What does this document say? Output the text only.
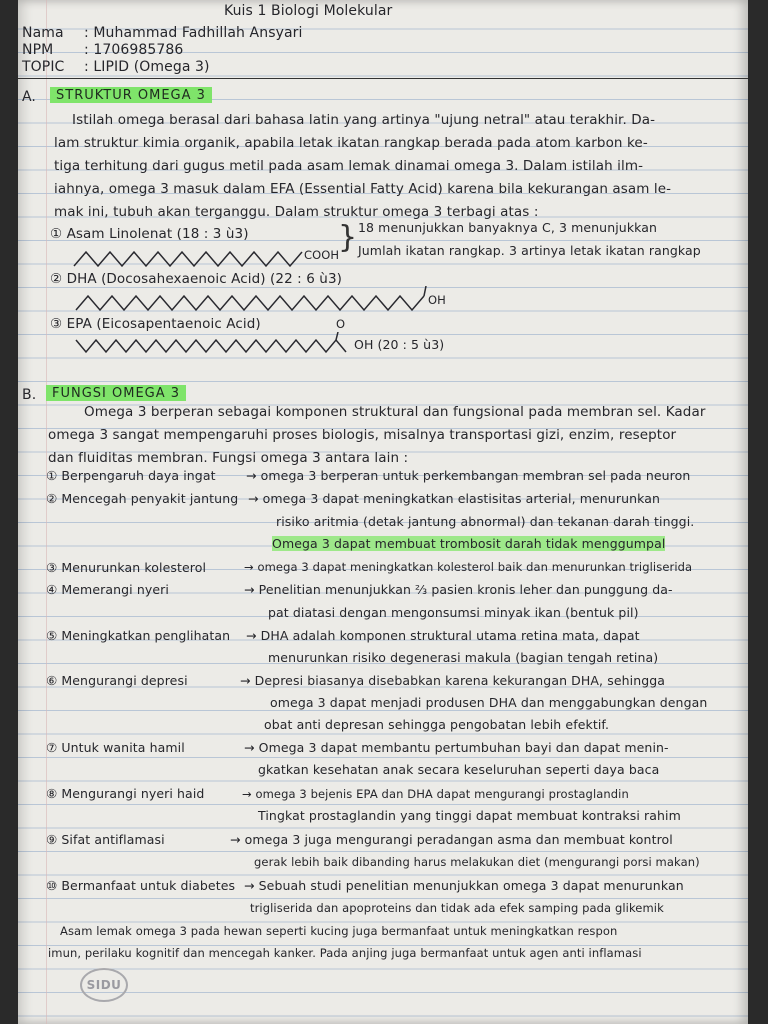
Kuis 1 Biologi Molekular
Nama : Muhammad Fadhillah Ansyari
NPM : 1706985786
TOPIC : LIPID (Omega 3)
A.	STRUKTUR OMEGA 3
Istilah omega berasal dari bahasa latin yang artinya "ujung netral" atau terakhir. Da-
lam struktur kimia organik, apabila letak ikatan rangkap berada pada atom karbon ke-
tiga terhitung dari gugus metil pada asam lemak dinamai omega 3. Dalam istilah ilm-
iahnya, omega 3 masuk dalam EFA (Essential Fatty Acid) karena bila kekurangan asam le-
mak ini, tubuh akan terganggu. Dalam struktur omega 3 terbagi atas :
① Asam Linolenat (18 : 3 ù3)	} 18 menunjukkan banyaknya C, 3 menunjukkan
Jumlah ikatan rangkap. 3 artinya letak ikatan rangkap
COOH
② DHA (Docosahexaenoic Acid) (22 : 6 ù3)
OH
③ EPA (Eicosapentaenoic Acid)	O
OH (20 : 5 ù3)
B.	FUNGSI OMEGA 3
Omega 3 berperan sebagai komponen struktural dan fungsional pada membran sel. Kadar
omega 3 sangat mempengaruhi proses biologis, misalnya transportasi gizi, enzim, reseptor
dan fluiditas membran. Fungsi omega 3 antara lain :
① Berpengaruh daya ingat → omega 3 berperan untuk perkembangan membran sel pada neuron
② Mencegah penyakit jantung → omega 3 dapat meningkatkan elastisitas arterial, menurunkan
risiko aritmia (detak jantung abnormal) dan tekanan darah tinggi.
Omega 3 dapat membuat trombosit darah tidak menggumpal
③ Menurunkan kolesterol	→ omega 3 dapat meningkatkan kolesterol baik dan menurunkan trigliserida
④ Memerangi nyeri	→ Penelitian menunjukkan ⅔ pasien kronis leher dan punggung da-
pat diatasi dengan mengonsumsi minyak ikan (bentuk pil)
⑤ Meningkatkan penglihatan → DHA adalah komponen struktural utama retina mata, dapat
menurunkan risiko degenerasi makula (bagian tengah retina)
⑥ Mengurangi depresi	→ Depresi biasanya disebabkan karena kekurangan DHA, sehingga
omega 3 dapat menjadi produsen DHA dan menggabungkan dengan
obat anti depresan sehingga pengobatan lebih efektif.
⑦ Untuk wanita hamil	→ Omega 3 dapat membantu pertumbuhan bayi dan dapat menin-
gkatkan kesehatan anak secara keseluruhan seperti daya baca
⑧ Mengurangi nyeri haid	→ omega 3 bejenis EPA dan DHA dapat mengurangi prostaglandin
Tingkat prostaglandin yang tinggi dapat membuat kontraksi rahim
⑨ Sifat antiflamasi	→ omega 3 juga mengurangi peradangan asma dan membuat kontrol
gerak lebih baik dibanding harus melakukan diet (mengurangi porsi makan)
⑩ Bermanfaat untuk diabetes → Sebuah studi penelitian menunjukkan omega 3 dapat menurunkan
trigliserida dan apoproteins dan tidak ada efek samping pada glikemik
Asam lemak omega 3 pada hewan seperti kucing juga bermanfaat untuk meningkatkan respon
imun, perilaku kognitif dan mencegah kanker. Pada anjing juga bermanfaat untuk agen anti inflamasi
SIDU
